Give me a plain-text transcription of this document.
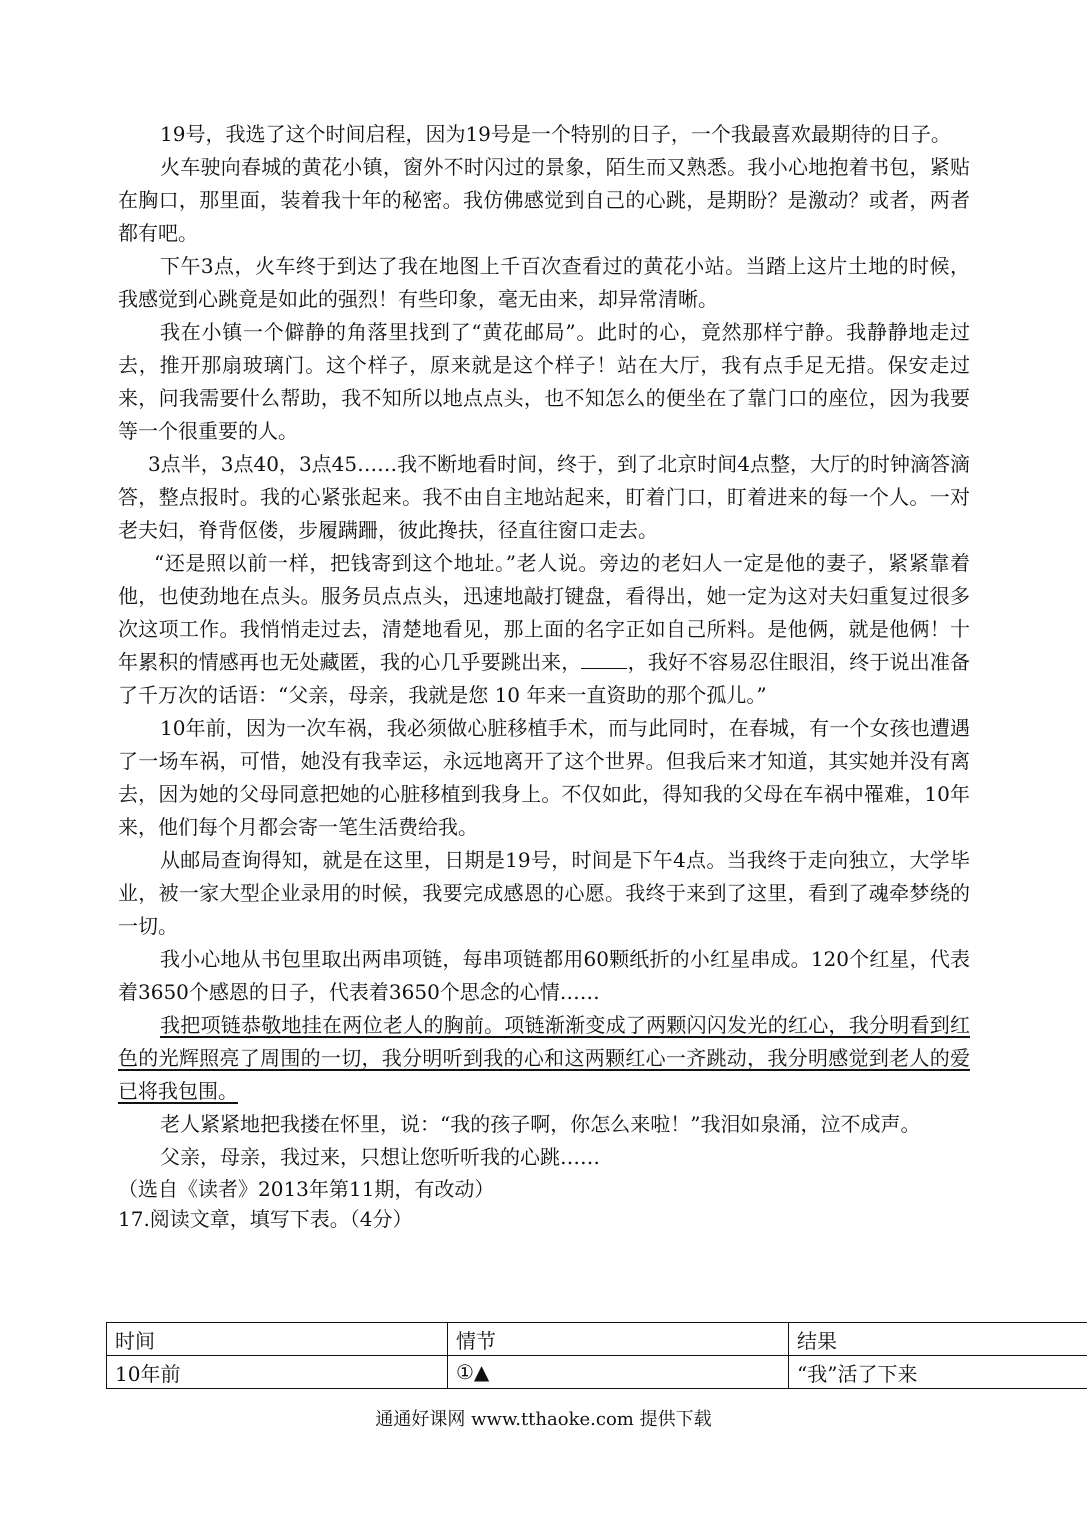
19号，我选了这个时间启程，因为19号是一个特别的日子，一个我最喜欢最期待的日子。

火车驶向春城的黄花小镇，窗外不时闪过的景象，陌生而又熟悉。我小心地抱着书包，紧贴在胸口，那里面，装着我十年的秘密。我仿佛感觉到自己的心跳，是期盼？是激动？或者，两者都有吧。

下午3点，火车终于到达了我在地图上千百次查看过的黄花小站。当踏上这片土地的时候，我感觉到心跳竟是如此的强烈！有些印象，毫无由来，却异常清晰。

我在小镇一个僻静的角落里找到了“黄花邮局”。此时的心，竟然那样宁静。我静静地走过去，推开那扇玻璃门。这个样子，原来就是这个样子！站在大厅，我有点手足无措。保安走过来，问我需要什么帮助，我不知所以地点点头，也不知怎么的便坐在了靠门口的座位，因为我要等一个很重要的人。

3点半，3点40，3点45……我不断地看时间，终于，到了北京时间4点整，大厅的时钟滴答滴答，整点报时。我的心紧张起来。我不由自主地站起来，盯着门口，盯着进来的每一个人。一对老夫妇，脊背伛偻，步履蹒跚，彼此搀扶，径直往窗口走去。

“还是照以前一样，把钱寄到这个地址。”老人说。旁边的老妇人一定是他的妻子，紧紧靠着他，也使劲地在点头。服务员点点头，迅速地敲打键盘，看得出，她一定为这对夫妇重复过很多次这项工作。我悄悄走过去，清楚地看见，那上面的名字正如自己所料。是他俩，就是他俩！十年累积的情感再也无处藏匿，我的心几乎要跳出来， ，我好不容易忍住眼泪，终于说出准备了千万次的话语：“父亲，母亲，我就是您 10 年来一直资助的那个孤儿。”

10年前，因为一次车祸，我必须做心脏移植手术，而与此同时，在春城，有一个女孩也遭遇了一场车祸，可惜，她没有我幸运，永远地离开了这个世界。但我后来才知道，其实她并没有离去，因为她的父母同意把她的心脏移植到我身上。不仅如此，得知我的父母在车祸中罹难，10年来，他们每个月都会寄一笔生活费给我。

从邮局查询得知，就是在这里，日期是19号，时间是下午4点。当我终于走向独立，大学毕业，被一家大型企业录用的时候，我要完成感恩的心愿。我终于来到了这里，看到了魂牵梦绕的一切。

我小心地从书包里取出两串项链，每串项链都用60颗纸折的小红星串成。120个红星，代表着3650个感恩的日子，代表着3650个思念的心情……

我把项链恭敬地挂在两位老人的胸前。项链渐渐变成了两颗闪闪发光的红心，我分明看到红色的光辉照亮了周围的一切，我分明听到我的心和这两颗红心一齐跳动，我分明感觉到老人的爱已将我包围。

老人紧紧地把我搂在怀里，说：“我的孩子啊，你怎么来啦！”我泪如泉涌，泣不成声。

父亲，母亲，我过来，只想让您听听我的心跳……

（选自《读者》2013年第11期，有改动）

17.阅读文章，填写下表。（4分）

时间	情节	结果
10年前	①▲	“我”活了下来
通通好课网 www.tthaoke.com 提供下载
